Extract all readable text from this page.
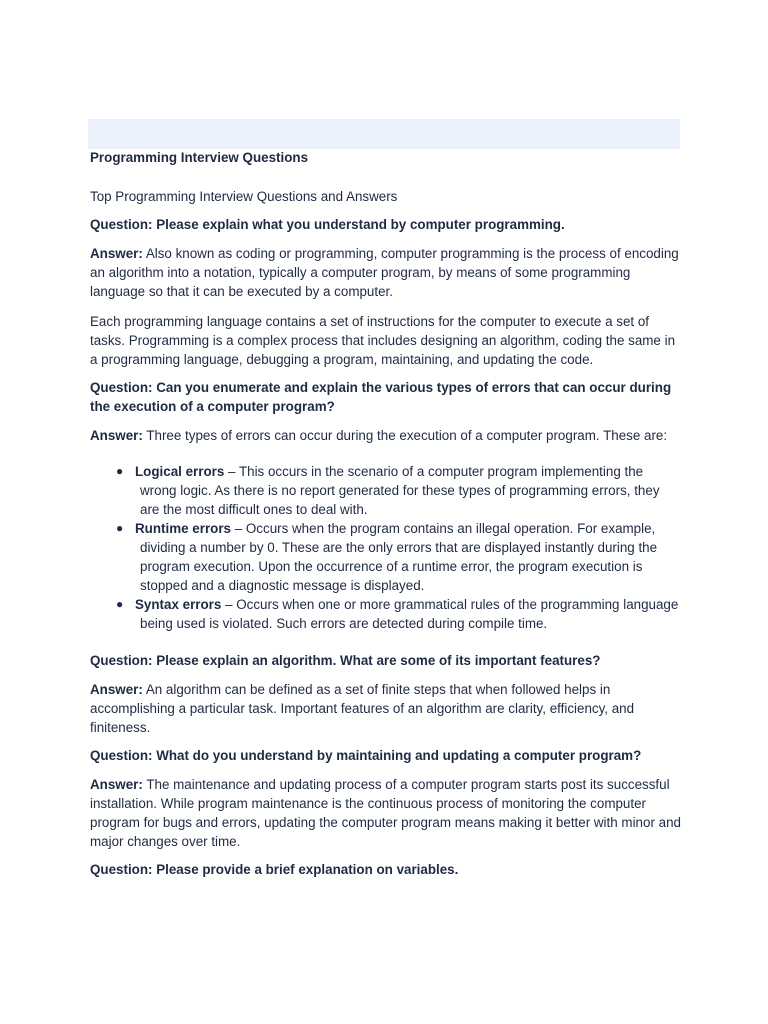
Programming Interview Questions

Top Programming Interview Questions and Answers

Question: Please explain what you understand by computer programming.

Answer: Also known as coding or programming, computer programming is the process of encoding an algorithm into a notation, typically a computer program, by means of some programming language so that it can be executed by a computer.

Each programming language contains a set of instructions for the computer to execute a set of tasks. Programming is a complex process that includes designing an algorithm, coding the same in a programming language, debugging a program, maintaining, and updating the code.

Question: Can you enumerate and explain the various types of errors that can occur during the execution of a computer program?

Answer: Three types of errors can occur during the execution of a computer program. These are:

● Logical errors – This occurs in the scenario of a computer program implementing the wrong logic. As there is no report generated for these types of programming errors, they are the most difficult ones to deal with.
● Runtime errors – Occurs when the program contains an illegal operation. For example, dividing a number by 0. These are the only errors that are displayed instantly during the program execution. Upon the occurrence of a runtime error, the program execution is stopped and a diagnostic message is displayed.
● Syntax errors – Occurs when one or more grammatical rules of the programming language being used is violated. Such errors are detected during compile time.

Question: Please explain an algorithm. What are some of its important features?

Answer: An algorithm can be defined as a set of finite steps that when followed helps in accomplishing a particular task. Important features of an algorithm are clarity, efficiency, and finiteness.

Question: What do you understand by maintaining and updating a computer program?

Answer: The maintenance and updating process of a computer program starts post its successful installation. While program maintenance is the continuous process of monitoring the computer program for bugs and errors, updating the computer program means making it better with minor and major changes over time.

Question: Please provide a brief explanation on variables.
